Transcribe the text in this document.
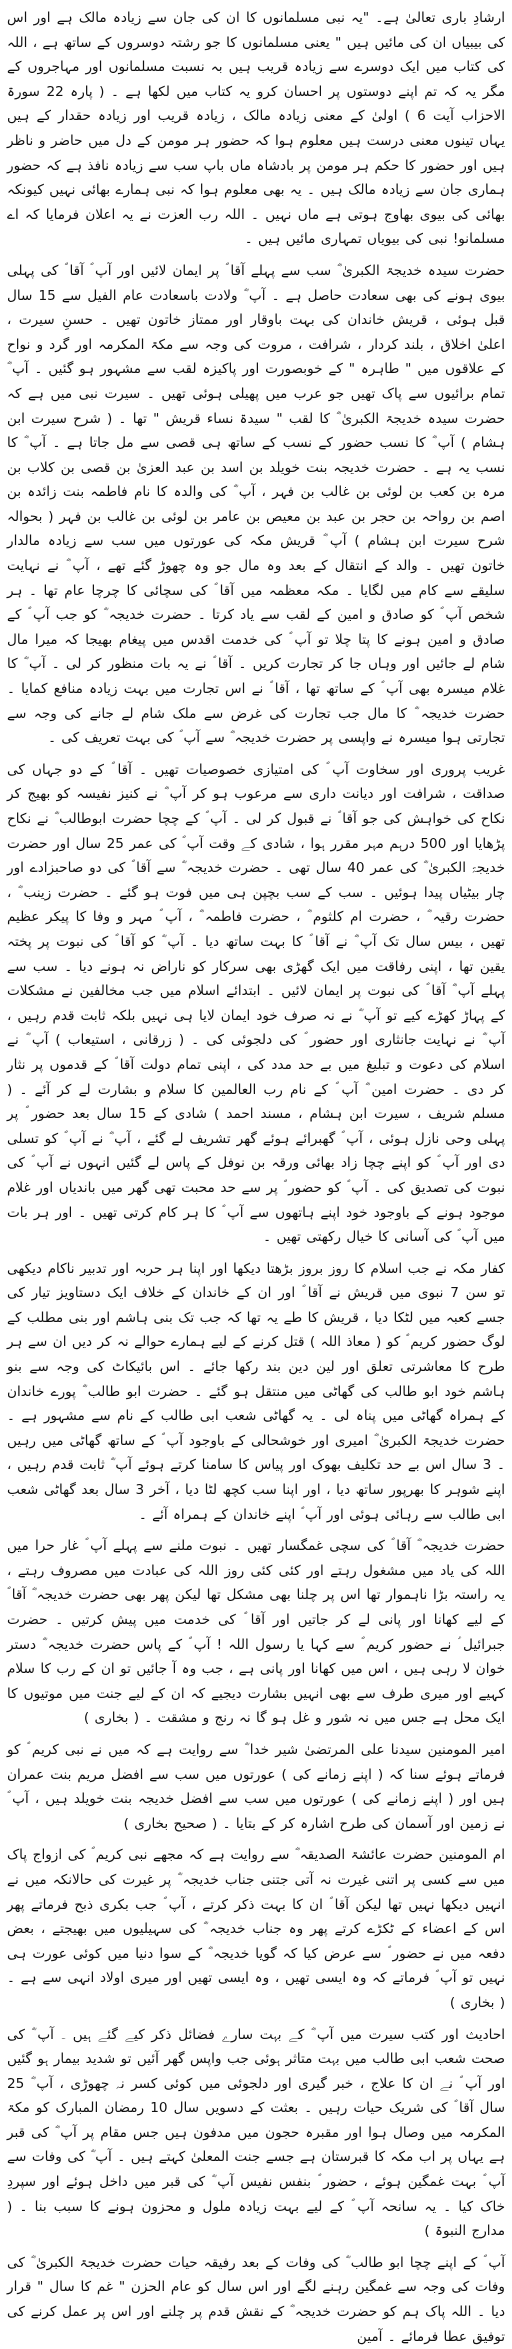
ارشادِ باری تعالیٰ ہے۔ "یہ نبی مسلمانوں کا ان کی جان سے زیادہ مالک ہے اور اس کی بیبیاں ان کی مائیں ہیں " یعنی مسلمانوں کا جو رشتہ دوسروں کے ساتھ ہے ، اللہ کی کتاب میں ایک دوسرے سے زیادہ قریب ہیں بہ نسبت مسلمانوں اور مہاجروں کے مگر یہ کہ تم اپنے دوستوں پر احسان کرو یہ کتاب میں لکھا ہے ۔ ( پارہ 22 سورۃ الاحزاب آیت 6 ) اولیٰ کے معنی زیادہ مالک ، زیادہ قریب اور زیادہ حقدار کے ہیں یہاں تینوں معنی درست ہیں معلوم ہوا کہ حضور ہر مومن کے دل میں حاضر و ناظر ہیں اور حضور کا حکم ہر مومن پر بادشاہ ماں باپ سب سے زیادہ نافذ ہے کہ حضور ہماری جان سے زیادہ مالک ہیں ۔ یہ بھی معلوم ہوا کہ نبی ہمارے بھائی نہیں کیونکہ بھائی کی بیوی بھاوج ہوتی ہے ماں نہیں ۔ اللہ رب العزت نے یہ اعلان فرمایا کہ اے مسلمانو! نبی کی بیویاں تمہاری مائیں ہیں ۔

حضرت سیدہ خدیجۃ الکبریٰ ؓ سب سے پہلے آقا ؐ پر ایمان لائیں اور آپ ؐ آقا ؐ کی پہلی بیوی ہونے کی بھی سعادت حاصل ہے ۔ آپ ؓ ولادت باسعادت عام الفیل سے 15 سال قبل ہوئی ، قریش خاندان کی بہت باوقار اور ممتاز خاتون تھیں ۔ حسنِ سیرت ، اعلیٰ اخلاق ، بلند کردار ، شرافت ، مروت کی وجہ سے مکۃ المکرمہ اور گرد و نواح کے علاقوں میں " طاہرہ " کے خوبصورت اور پاکیزہ لقب سے مشہور ہو گئیں ۔ آپ ؓ تمام برائیوں سے پاک تھیں جو عرب میں پھیلی ہوئی تھیں ۔ سیرت نبی میں ہے کہ حضرت سیدہ خدیجۃ الکبریٰ ؓ کا لقب " سیدۃ نساء قریش " تھا ۔ ( شرح سیرت ابن ہشام ) آپ ؓ کا نسب حضور کے نسب کے ساتھ ہی قصی سے مل جاتا ہے ۔ آپ ؓ کا نسب یہ ہے ۔ حضرت خدیجہ بنت خویلد بن اسد بن عبد العزیٰ بن قصی بن کلاب بن مرہ بن کعب بن لوئی بن غالب بن فہر ، آپ ؓ کی والدہ کا نام فاطمہ بنت زائدہ بن اصم بن رواحہ بن حجر بن عبد بن معیص بن عامر بن لوئی بن غالب بن فہر ( بحوالہ شرح سیرت ابن ہشام ) آپ ؓ قریش مکہ کی عورتوں میں سب سے زیادہ مالدار خاتون تھیں ۔ والد کے انتقال کے بعد وہ مال جو وہ چھوڑ گئے تھے ، آپ ؓ نے نہایت سلیقے سے کام میں لگایا ۔ مکہ معظمہ میں آقا ؐ کی سچائی کا چرچا عام تھا ۔ ہر شخص آپ ؐ کو صادق و امین کے لقب سے یاد کرتا ۔ حضرت خدیجہ ؓ کو جب آپ ؐ کے صادق و امین ہونے کا پتا چلا تو آپ ؐ کی خدمت اقدس میں پیغام بھیجا کہ میرا مال شام لے جائیں اور وہاں جا کر تجارت کریں ۔ آقا ؐ نے یہ بات منظور کر لی ۔ آپ ؓ کا غلام میسرہ بھی آپ ؐ کے ساتھ تھا ، آقا ؐ نے اس تجارت میں بہت زیادہ منافع کمایا ۔ حضرت خدیجہ ؓ کا مال جب تجارت کی غرض سے ملک شام لے جانے کی وجہ سے تجارتی ہوا میسرہ نے واپسی پر حضرت خدیجہ ؓ سے آپ ؐ کی بہت تعریف کی ۔

غریب پروری اور سخاوت آپ ؐ کی امتیازی خصوصیات تھیں ۔ آقا ؐ کے دو جہاں کی صداقت ، شرافت اور دیانت داری سے مرعوب ہو کر آپ ؓ نے کنیز نفیسہ کو بھیج کر نکاح کی خواہش کی جو آقا ؐ نے قبول کر لی ۔ آپ ؐ کے چچا حضرت ابوطالب ؓ نے نکاح پڑھایا اور 500 درہم مہر مقرر ہوا ، شادی کے وقت آپ ؐ کی عمر 25 سال اور حضرت خدیجۃ الکبریٰ ؓ کی عمر 40 سال تھی ۔ حضرت خدیجہ ؓ سے آقا ؐ کی دو صاحبزادے اور چار بیٹیاں پیدا ہوئیں ۔ سب کے سب بچپن ہی میں فوت ہو گئے ۔ حضرت زینب ؓ ، حضرت رقیہ ؓ ، حضرت ام کلثوم ؓ ، حضرت فاطمہ ؓ ، آپ ؐ مہر و وفا کا پیکر عظیم تھیں ، بیس سال تک آپ ؓ نے آقا ؐ کا بہت ساتھ دیا ۔ آپ ؓ کو آقا ؐ کی نبوت پر پختہ یقین تھا ، اپنی رفاقت میں ایک گھڑی بھی سرکار کو ناراض نہ ہونے دیا ۔ سب سے پہلے آپ ؓ آقا ؐ کی نبوت پر ایمان لائیں ۔ ابتدائے اسلام میں جب مخالفین نے مشکلات کے پہاڑ کھڑے کیے تو آپ ؓ نے نہ صرف خود ایمان لایا ہی نہیں بلکہ ثابت قدم رہیں ، آپ ؓ نے نہایت جانثاری اور حضور ؐ کی دلجوئی کی ۔ ( زرقانی ، استیعاب ) آپ ؓ نے اسلام کی دعوت و تبلیغ میں بے حد مدد کی ، اپنی تمام دولت آقا ؐ کے قدموں پر نثار کر دی ۔ حضرت امین ؓ آپ ؐ کے نام رب العالمین کا سلام و بشارت لے کر آئے ۔ ( مسلم شریف ، سیرت ابن ہشام ، مسند احمد ) شادی کے 15 سال بعد حضور ؐ پر پہلی وحی نازل ہوئی ، آپ ؐ گھبرائے ہوئے گھر تشریف لے گئے ، آپ ؓ نے آپ ؐ کو تسلی دی اور آپ ؐ کو اپنے چچا زاد بھائی ورقہ بن نوفل کے پاس لے گئیں انہوں نے آپ ؐ کی نبوت کی تصدیق کی ۔ آپ ؐ کو حضور ؐ پر سے حد محبت تھی گھر میں باندیاں اور غلام موجود ہونے کے باوجود خود اپنے ہاتھوں سے آپ ؐ کا ہر کام کرتی تھیں ۔ اور ہر بات میں آپ ؐ کی آسانی کا خیال رکھتی تھیں ۔

کفار مکہ نے جب اسلام کا روز بروز بڑھتا دیکھا اور اپنا ہر حربہ اور تدبیر ناکام دیکھی تو سن 7 نبوی میں قریش نے آقا ؐ اور ان کے خاندان کے خلاف ایک دستاویز تیار کی جسے کعبہ میں لٹکا دیا ، قریش کا طے یہ تھا کہ جب تک بنی ہاشم اور بنی مطلب کے لوگ حضور کریم ؐ کو ( معاذ اللہ ) قتل کرنے کے لیے ہمارے حوالے نہ کر دیں ان سے ہر طرح کا معاشرتی تعلق اور لین دین بند رکھا جائے ۔ اس بائیکاٹ کی وجہ سے بنو ہاشم خود ابو طالب کی گھاٹی میں منتقل ہو گئے ۔ حضرت ابو طالب ؓ پورے خاندان کے ہمراہ گھاٹی میں پناہ لی ۔ یہ گھاٹی شعب ابی طالب کے نام سے مشہور ہے ۔ حضرت خدیجۃ الکبریٰ ؓ امیری اور خوشحالی کے باوجود آپ ؐ کے ساتھ گھاٹی میں رہیں ۔ 3 سال اس بے حد تکلیف بھوک اور پیاس کا سامنا کرتے ہوئے آپ ؓ ثابت قدم رہیں ، اپنے شوہر کا بھرپور ساتھ دیا ، اور اپنا سب کچھ لٹا دیا ، آخر 3 سال بعد گھاٹی شعب ابی طالب سے رہائی ہوئی اور آپ ؐ اپنے خاندان کے ہمراہ آئے ۔

حضرت خدیجہ ؓ آقا ؐ کی سچی غمگسار تھیں ۔ نبوت ملنے سے پہلے آپ ؐ غار حرا میں اللہ کی یاد میں مشغول رہتے اور کئی کئی روز اللہ کی عبادت میں مصروف رہتے ، یہ راستہ بڑا ناہموار تھا اس پر چلنا بھی مشکل تھا لیکن پھر بھی حضرت خدیجہ ؓ آقا ؐ کے لیے کھانا اور پانی لے کر جاتیں اور آقا ؐ کی خدمت میں پیش کرتیں ۔ حضرت جبرائیل ؑ نے حضور کریم ؐ سے کہا یا رسول اللہ ! آپ ؐ کے پاس حضرت خدیجہ ؓ دستر خوان لا رہی ہیں ، اس میں کھانا اور پانی ہے ، جب وہ آ جائیں تو ان کے رب کا سلام کہیے اور میری طرف سے بھی انہیں بشارت دیجیے کہ ان کے لیے جنت میں موتیوں کا ایک محل ہے جس میں نہ شور و غل ہو گا نہ رنج و مشقت ۔ ( بخاری )

امیر المومنین سیدنا علی المرتضیٰ شیر خدا ؓ سے روایت ہے کہ میں نے نبی کریم ؐ کو فرماتے ہوئے سنا کہ ( اپنے زمانے کی ) عورتوں میں سب سے افضل مریم بنت عمران ہیں اور ( اپنے زمانے کی ) عورتوں میں سب سے افضل خدیجہ بنت خویلد ہیں ، آپ ؐ نے زمین اور آسمان کی طرح اشارہ کر کے بتایا ۔ ( صحیح بخاری )

ام المومنین حضرت عائشۃ الصدیقہ ؓ سے روایت ہے کہ مجھے نبی کریم ؐ کی ازواج پاک میں سے کسی پر اتنی غیرت نہ آتی جتنی جناب خدیجہ ؓ پر غیرت کی حالانکہ میں نے انہیں دیکھا نہیں تھا لیکن آقا ؐ ان کا بہت ذکر کرتے ، آپ ؐ جب بکری ذبح فرماتے پھر اس کے اعضاء کے ٹکڑے کرتے پھر وہ جناب خدیجہ ؓ کی سہیلیوں میں بھیجتے ، بعض دفعہ میں نے حضور ؐ سے عرض کیا کہ گویا خدیجہ ؓ کے سوا دنیا میں کوئی عورت ہی نہیں تو آپ ؐ فرماتے کہ وہ ایسی تھیں ، وہ ایسی تھیں اور میری اولاد انہی سے ہے ۔ ( بخاری )

احادیث اور کتب سیرت میں آپ ؓ کے بہت سارے فضائل ذکر کیے گئے ہیں ۔ آپ ؓ کی صحت شعب ابی طالب میں بہت متاثر ہوئی جب واپس گھر آئیں تو شدید بیمار ہو گئیں اور آپ ؐ نے ان کا علاج ، خبر گیری اور دلجوئی میں کوئی کسر نہ چھوڑی ، آپ ؓ 25 سال آقا ؐ کی شریک حیات رہیں ۔ بعثت کے دسویں سال 10 رمضان المبارک کو مکۃ المکرمہ میں وصال ہوا اور مقبرہ حجون میں مدفون ہیں جس مقام پر آپ ؓ کی قبر ہے یہاں پر اب مکہ کا قبرستان ہے جسے جنت المعلیٰ کہتے ہیں ۔ آپ ؓ کی وفات سے آپ ؐ بہت غمگین ہوئے ، حضور ؐ بنفس نفیس آپ ؓ کی قبر میں داخل ہوئے اور سپردِ خاک کیا ۔ یہ سانحہ آپ ؐ کے لیے بہت زیادہ ملول و محزون ہونے کا سبب بنا ۔ ( مدارج النبوۃ )

آپ ؐ کے اپنے چچا ابو طالب ؓ کی وفات کے بعد رفیقہ حیات حضرت خدیجۃ الکبریٰ ؓ کی وفات کی وجہ سے غمگین رہنے لگے اور اس سال کو عام الحزن " غم کا سال " قرار دیا ۔ اللہ پاک ہم کو حضرت خدیجہ ؓ کے نقش قدم پر چلنے اور اس پر عمل کرنے کی توفیق عطا فرمائے ۔ آمین
